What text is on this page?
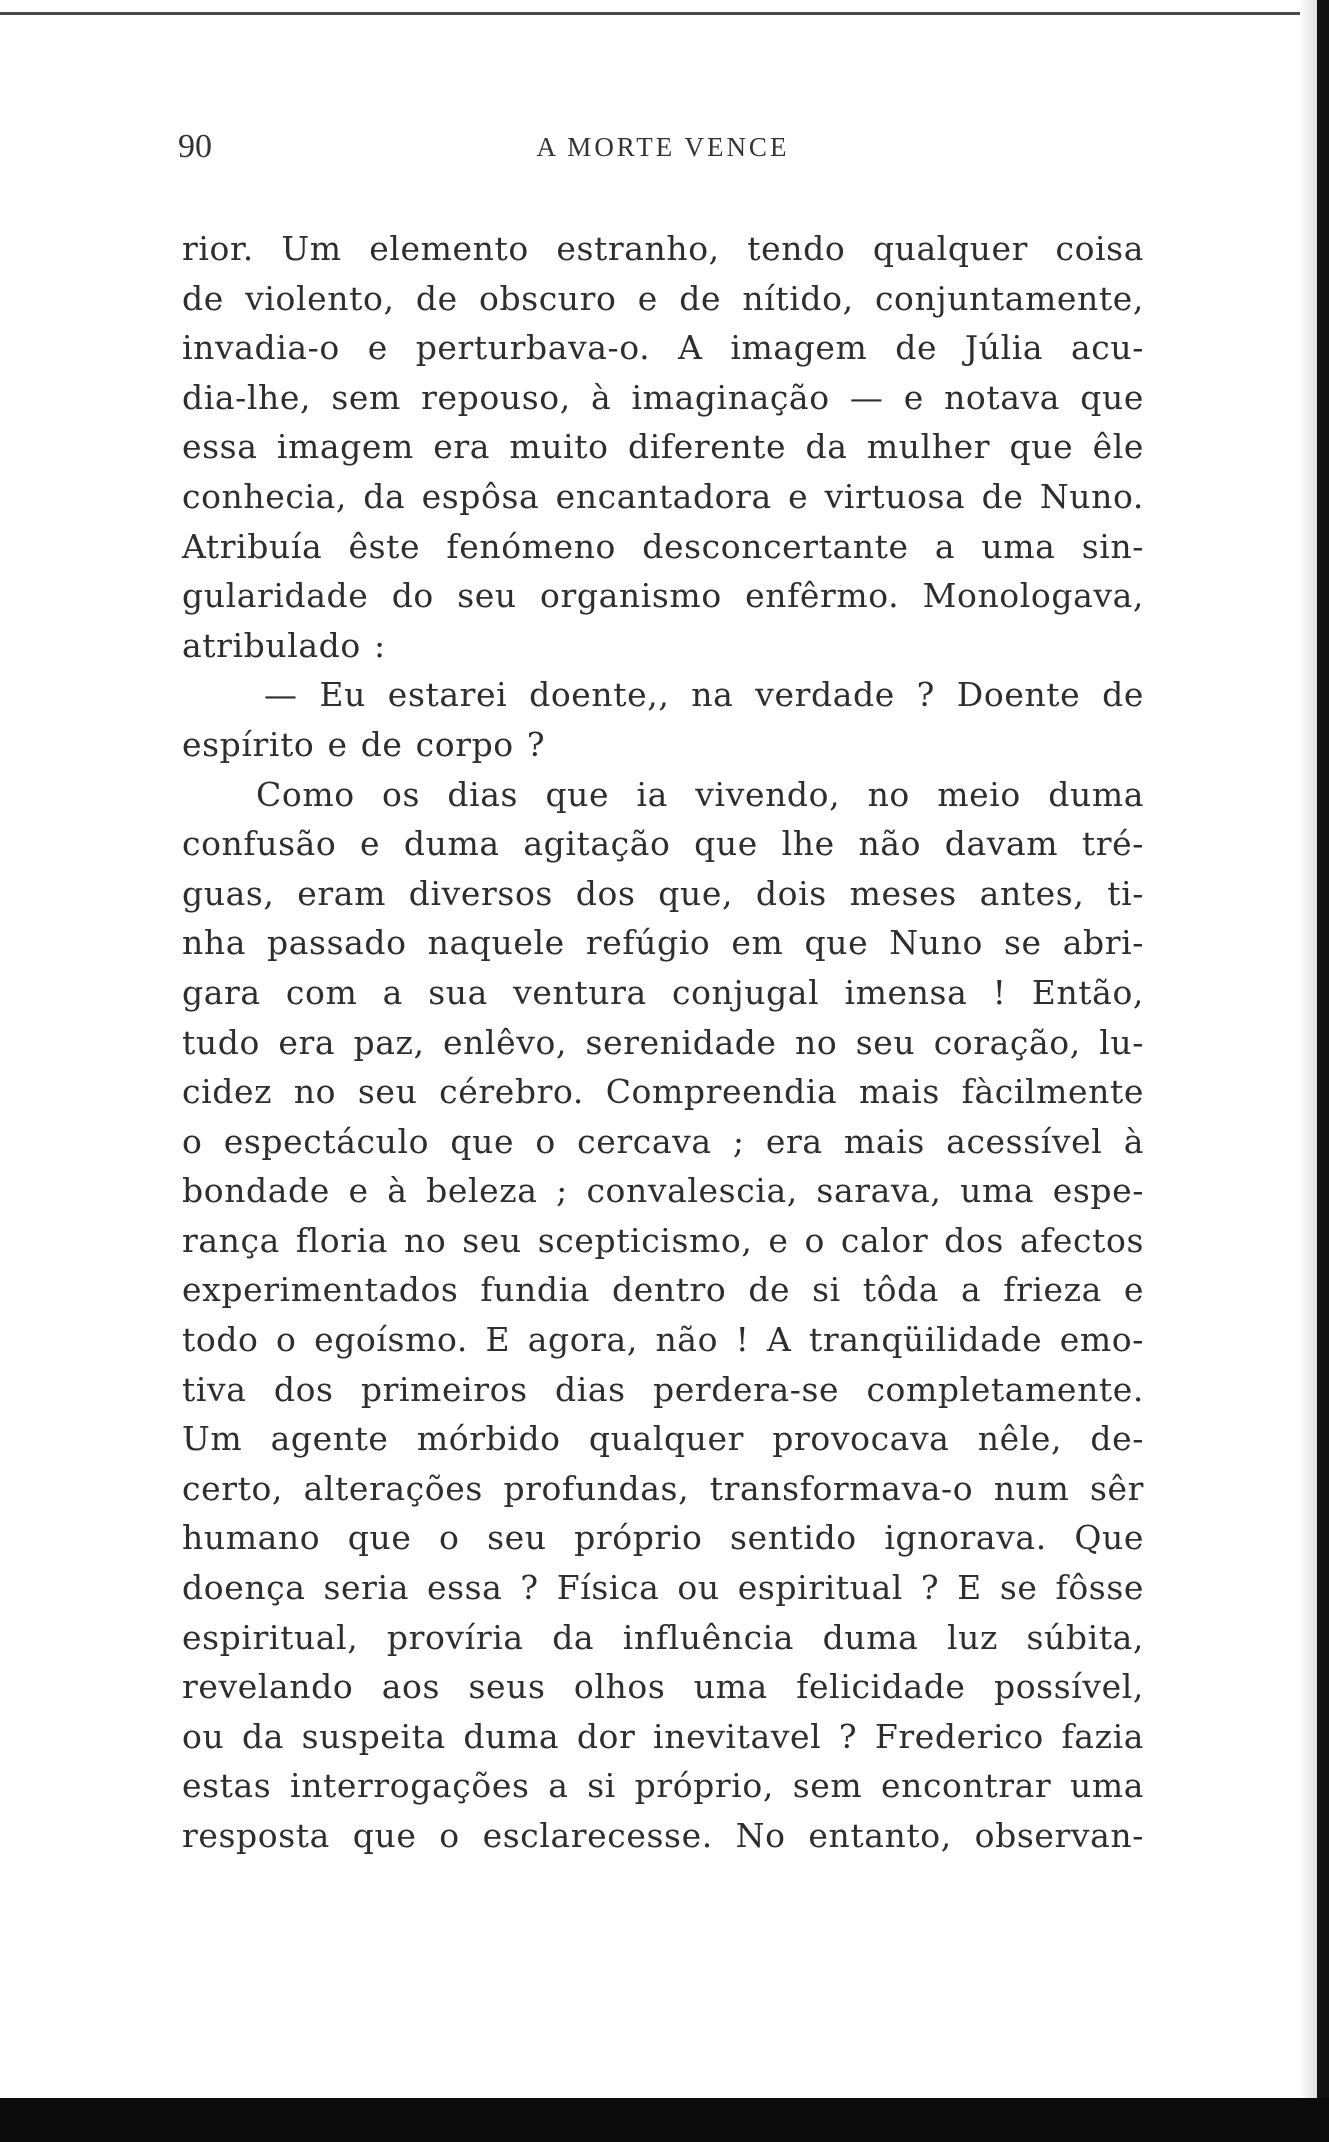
90	A MORTE VENCE
rior. Um elemento estranho, tendo qualquer coisa
de violento, de obscuro e de nítido, conjuntamente,
invadia-o e perturbava-o. A imagem de Júlia acu-
dia-lhe, sem repouso, à imaginação — e notava que
essa imagem era muito diferente da mulher que êle
conhecia, da espôsa encantadora e virtuosa de Nuno.
Atribuía êste fenómeno desconcertante a uma sin-
gularidade do seu organismo enfêrmo. Monologava,
atribulado :
— Eu estarei doente,, na verdade ? Doente de
espírito e de corpo ?
Como os dias que ia vivendo, no meio duma
confusão e duma agitação que lhe não davam tré-
guas, eram diversos dos que, dois meses antes, ti-
nha passado naquele refúgio em que Nuno se abri-
gara com a sua ventura conjugal imensa ! Então,
tudo era paz, enlêvo, serenidade no seu coração, lu-
cidez no seu cérebro. Compreendia mais fàcilmente
o espectáculo que o cercava ; era mais acessível à
bondade e à beleza ; convalescia, sarava, uma espe-
rança floria no seu scepticismo, e o calor dos afectos
experimentados fundia dentro de si tôda a frieza e
todo o egoísmo. E agora, não ! A tranqüilidade emo-
tiva dos primeiros dias perdera-se completamente.
Um agente mórbido qualquer provocava nêle, de-
certo, alterações profundas, transformava-o num sêr
humano que o seu próprio sentido ignorava. Que
doença seria essa ? Física ou espiritual ? E se fôsse
espiritual, províria da influência duma luz súbita,
revelando aos seus olhos uma felicidade possível,
ou da suspeita duma dor inevitavel ? Frederico fazia
estas interrogações a si próprio, sem encontrar uma
resposta que o esclarecesse. No entanto, observan-
